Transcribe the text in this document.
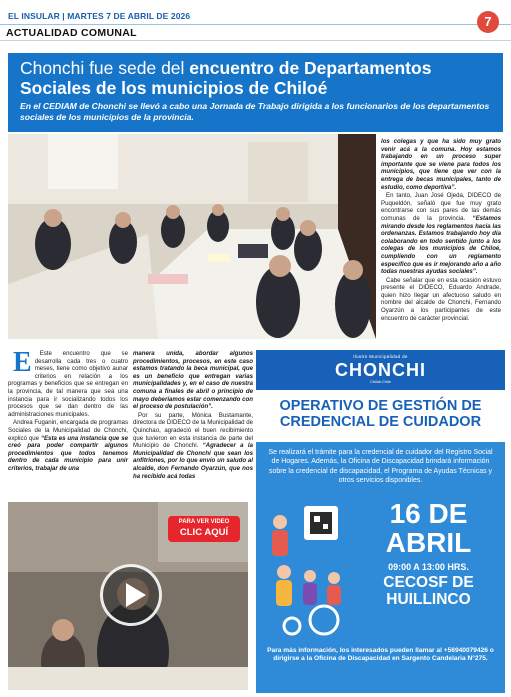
EL INSULAR | MARTES 7 DE ABRIL DE 2026
ACTUALIDAD COMUNAL
7
Chonchi fue sede del encuentro de Departamentos
Sociales de los municipios de Chiloé
En el CEDIAM de Chonchi se llevó a cabo una Jornada de Trabajo dirigida a los funcionarios de los departamentos sociales de los municipios de la provincia.

los colegas y que ha sido muy grato venir acá a la comuna. Hoy estamos trabajando en un proceso super importante que se viene para todos los municipios, que tiene que ver con la entrega de becas municipales, tanto de estudio, como deportiva”.

En tanto, Juan José Ojeda, DIDECO de Puqueldón, señaló que fue muy grato encontrarse con sus pares de las demás comunas de la provincia. “Estamos mirando desde los reglamentos hacia las ordenanzas. Estamos trabajando hoy día colaborando en todo sentido junto a los colegas de los municipios de Chiloé, cumpliendo con un reglamento específico que es ir mejorando año a año todas nuestras ayudas sociales”.

Cabe señalar que en esta ocasión estuvo presente el DIDECO, Eduardo Andrade, quien hizo llegar un afectuoso saludo en nombre del alcalde de Chonchi, Fernando Oyarzún a los participantes de este encuentro de carácter provincial.

E Este encuentro que se desarrolla cada tres o cuatro meses, tiene como objetivo aunar criterios en relación a los programas y beneficios que se entregan en la provincia, de tal manera que sea una instancia para ir socializando todos los procesos que se dan dentro de las administraciones municipales.

Andrea Fuganin, encargada de programas Sociales de la Municipalidad de Chonchi, explicó que “Esta es una instancia que se creó para poder compartir algunos procedimientos que todos tenemos dentro de cada municipio para unir criterios, trabajar de una

manera unida, abordar algunos procedimientos, procesos, en este caso estamos tratando la beca municipal, que es un beneficio que entregan varias municipalidades y, en el caso de nuestra comuna a finales de abril o principio de mayo deberíamos estar comenzando con el proceso de postulación”.

Por su parte, Mónica Bustamante, directora de DIDECO de la Municipalidad de Quinchao, agradeció el buen recibimiento que tuvieron en esta instancia de parte del Municipio de Chonchi. “Agradecer a la Municipalidad de Chonchi que sean los anfitriones, por lo que envío un saludo al alcalde, don Fernando Oyarzún, que nos ha recibido acá todas

PARA VER VIDEO
CLIC AQUÍ
Ilustre Municipalidad de
CHONCHI
Chiloé-Chile
OPERATIVO DE GESTIÓN DE CREDENCIAL DE CUIDADOR
Se realizará el trámite para la credencial de cuidador del Registro Social de Hogares. Además, la Oficina de Discapacidad brindará información sobre la credencial de discapacidad, el Programa de Ayudas Técnicas y otros servicios disponibles.
16 DE
ABRIL
09:00 A 13:00 HRS.
CECOSF DE HUILLINCO
Para más información, los interesados pueden llamar al +56940079426 o dirigirse a la Oficina de Discapacidad en Sargento Candelaria N°275.
